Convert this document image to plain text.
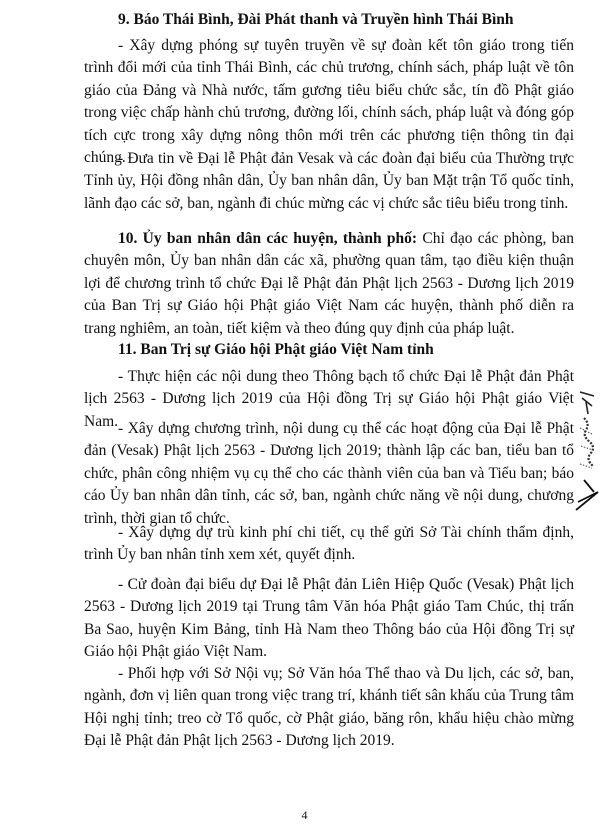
9. Báo Thái Bình, Đài Phát thanh và Truyền hình Thái Bình

- Xây dựng phóng sự tuyên truyền về sự đoàn kết tôn giáo trong tiến trình đổi mới của tỉnh Thái Bình, các chủ trương, chính sách, pháp luật về tôn giáo của Đảng và Nhà nước, tấm gương tiêu biểu chức sắc, tín đồ Phật giáo trong việc chấp hành chủ trương, đường lối, chính sách, pháp luật và đóng góp tích cực trong xây dựng nông thôn mới trên các phương tiện thông tin đại chúng.

- Đưa tin về Đại lễ Phật đản Vesak và các đoàn đại biểu của Thường trực Tỉnh ủy, Hội đồng nhân dân, Ủy ban nhân dân, Ủy ban Mặt trận Tổ quốc tỉnh, lãnh đạo các sở, ban, ngành đi chúc mừng các vị chức sắc tiêu biểu trong tỉnh.

10. Ủy ban nhân dân các huyện, thành phố: Chỉ đạo các phòng, ban chuyên môn, Ủy ban nhân dân các xã, phường quan tâm, tạo điều kiện thuận lợi để chương trình tổ chức Đại lễ Phật đản Phật lịch 2563 - Dương lịch 2019 của Ban Trị sự Giáo hội Phật giáo Việt Nam các huyện, thành phố diễn ra trang nghiêm, an toàn, tiết kiệm và theo đúng quy định của pháp luật.

11. Ban Trị sự Giáo hội Phật giáo Việt Nam tỉnh

- Thực hiện các nội dung theo Thông bạch tổ chức Đại lễ Phật đản Phật lịch 2563 - Dương lịch 2019 của Hội đồng Trị sự Giáo hội Phật giáo Việt Nam. - Xây dựng chương trình, nội dung cụ thể các hoạt động của Đại lễ Phật đản (Vesak) Phật lịch 2563 - Dương lịch 2019; thành lập các ban, tiểu ban tổ chức, phân công nhiệm vụ cụ thể cho các thành viên của ban và Tiểu ban; báo cáo Ủy ban nhân dân tỉnh, các sở, ban, ngành chức năng về nội dung, chương trình, thời gian tổ chức.

- Xây dựng dự trù kinh phí chi tiết, cụ thể gửi Sở Tài chính thẩm định, trình Ủy ban nhân tỉnh xem xét, quyết định.

- Cử đoàn đại biểu dự Đại lễ Phật đản Liên Hiệp Quốc (Vesak) Phật lịch 2563 - Dương lịch 2019 tại Trung tâm Văn hóa Phật giáo Tam Chúc, thị trấn Ba Sao, huyện Kim Bảng, tỉnh Hà Nam theo Thông báo của Hội đồng Trị sự Giáo hội Phật giáo Việt Nam.

- Phối hợp với Sở Nội vụ; Sở Văn hóa Thể thao và Du lịch, các sở, ban, ngành, đơn vị liên quan trong việc trang trí, khánh tiết sân khấu của Trung tâm Hội nghị tỉnh; treo cờ Tổ quốc, cờ Phật giáo, băng rôn, khẩu hiệu chào mừng Đại lễ Phật đản Phật lịch 2563 - Dương lịch 2019.

4
